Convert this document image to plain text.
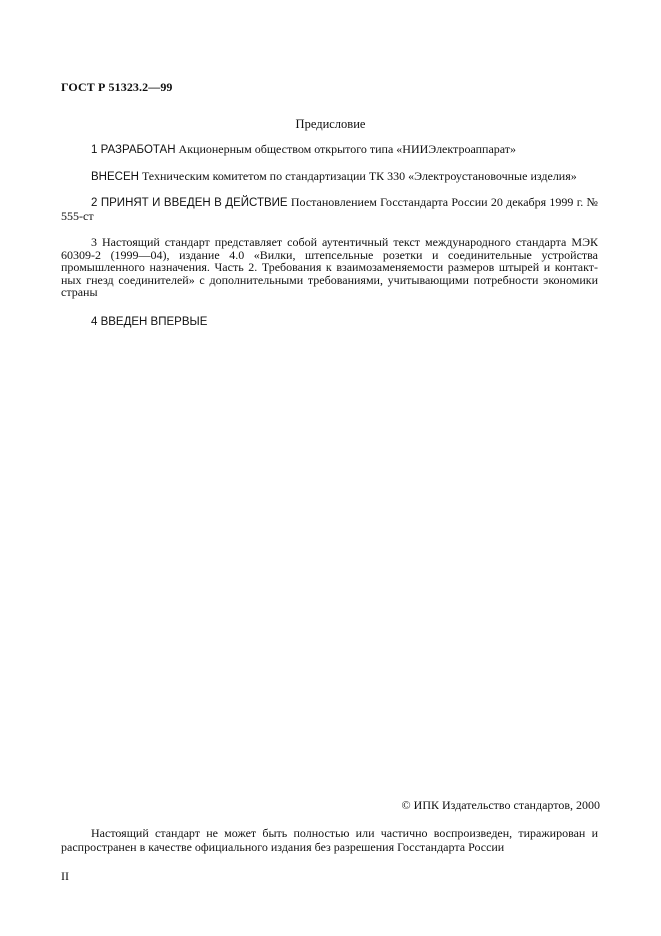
ГОСТ Р 51323.2—99
Предисловие
1 РАЗРАБОТАН Акционерным обществом открытого типа «НИИЭлектроаппарат»
ВНЕСЕН Техническим комитетом по стандартизации ТК 330 «Электроустановочные изделия»
2 ПРИНЯТ И ВВЕДЕН В ДЕЙСТВИЕ Постановлением Госстандарта России 20 декабря 1999 г. № 555-ст
3 Настоящий стандарт представляет собой аутентичный текст международного стандарта МЭК 60309-2 (1999—04), издание 4.0 «Вилки, штепсельные розетки и соединительные устройства промышленного назначения. Часть 2. Требования к взаимозаменяемости размеров штырей и контакт-ных гнезд соединителей» с дополнительными требованиями, учитывающими потребности экономики страны
4 ВВЕДЕН ВПЕРВЫЕ
© ИПК Издательство стандартов, 2000
Настоящий стандарт не может быть полностью или частично воспроизведен, тиражирован и распространен в качестве официального издания без разрешения Госстандарта России
II
